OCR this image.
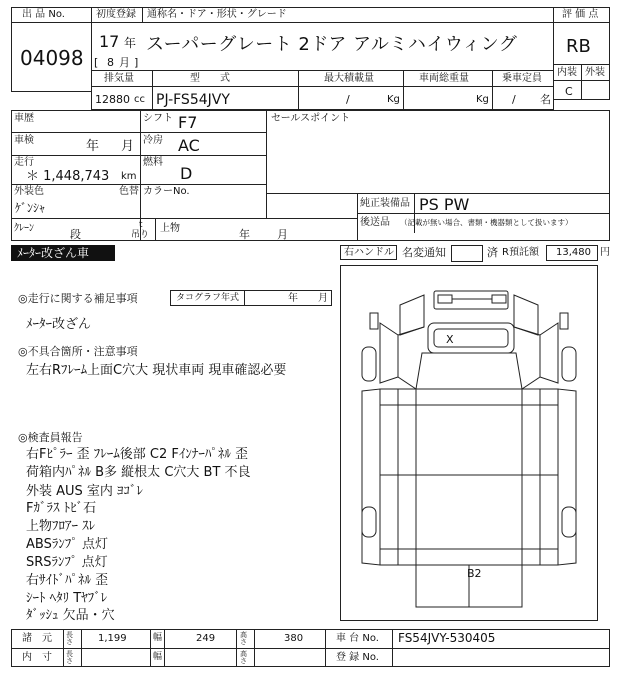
出 品 No.
04098
初度登録 通称名・ドア・形状・グレード
17 年
[ 8 月 ]
スーパーグレート 2ドア アルミハイウィング
評 価 点
RB
内装 外装
C
排気量	型　　式	最大積載量	車両総重量	乗車定員
12880 cc PJ-FS54JVY	/	Kg	Kg / 名
車歴	シフト F7	セールスポイント
車検	年 月 冷房 AC
走行
＊ 1,448,743 km
燃料
D
外装色	色替 カラーNo.
ｹﾞﾝｼｬ	純正装備品 PS PW
後送品 （記載が無い場合、書類・機器類として扱います）
ｸﾚｰﾝ	段
t
吊り
上物	年 月
ﾒｰﾀｰ改ざん車	右ハンドル 名変通知	済 R預託額 13,480 円
◎走行に関する補足事項	タコグラフ年式	年 月
ﾒｰﾀｰ改ざん
◎不具合箇所・注意事項
左右Rﾌﾚｰﾑ上面C穴大 現状車両 現車確認必要
◎検査員報告
右Fﾋﾟﾗｰ 歪 ﾌﾚｰﾑ後部 C2 Fｲﾝﾅｰﾊﾟﾈﾙ 歪
荷箱内ﾊﾟﾈﾙ B多 縦根太 C穴大 BT 不良
外装 AUS 室内 ﾖｺﾞﾚ
Fｶﾞﾗｽ ﾄﾋﾞ石
上物ﾌﾛｱｰ ｽﾚ
ABSﾗﾝﾌﾟ 点灯
SRSﾗﾝﾌﾟ 点灯
右ｻｲﾄﾞﾊﾟﾈﾙ 歪
ｼｰﾄ ﾍﾀﾘ Tﾔﾌﾞﾚ
ﾀﾞｯｼｭ 欠品・穴
X
B2
諸　元 長さ	1,199	幅	249	高さ	380	車 台 No. FS54JVY-530405
内　寸 長さ	幅	高さ	登 録 No.
